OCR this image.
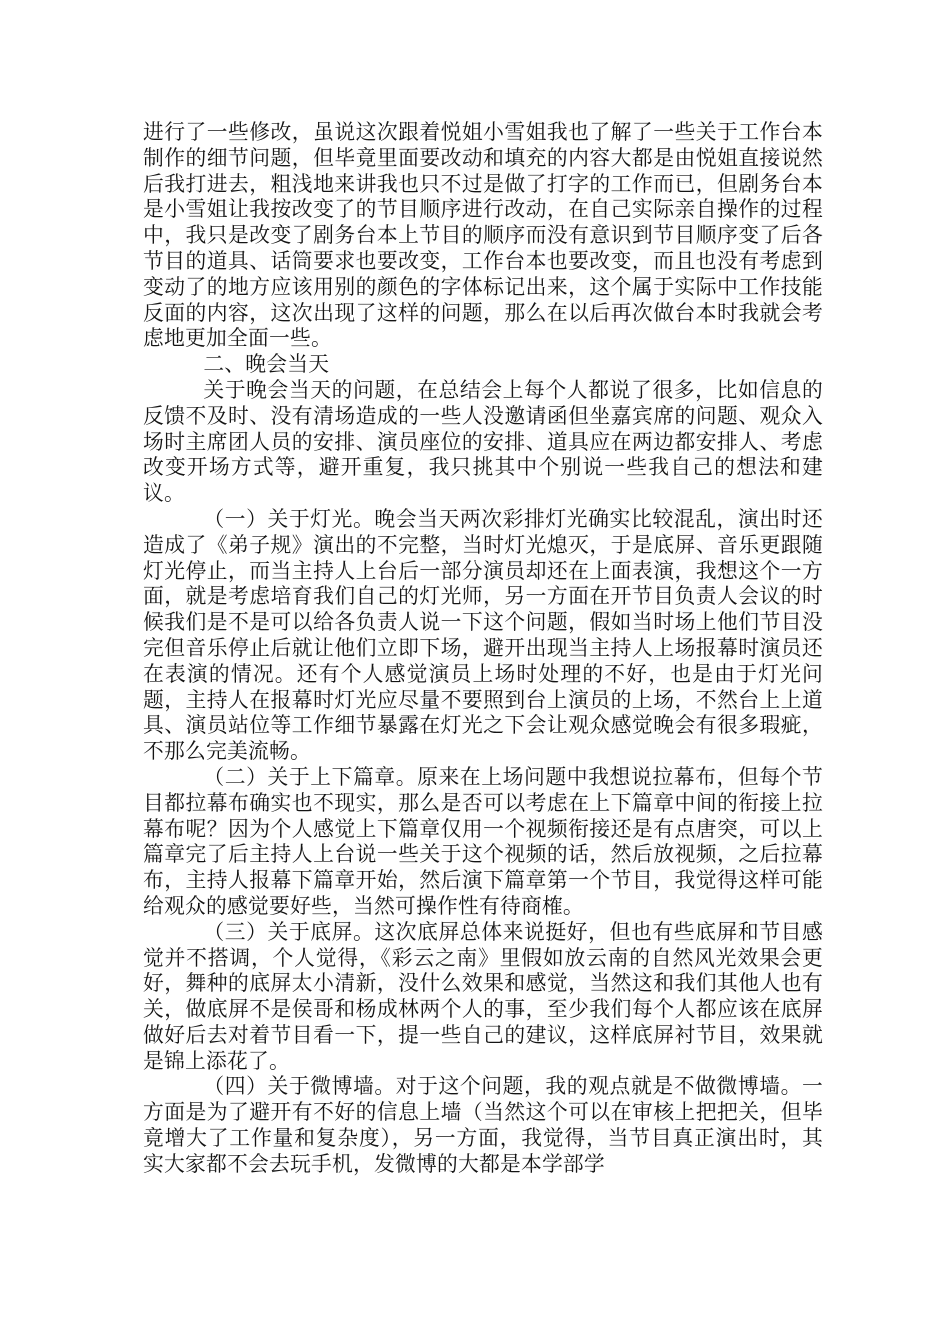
进行了一些修改，虽说这次跟着悦姐小雪姐我也了解了一些关于工作台本制作的细节问题，但毕竟里面要改动和填充的内容大都是由悦姐直接说然后我打进去，粗浅地来讲我也只不过是做了打字的工作而已，但剧务台本是小雪姐让我按改变了的节目顺序进行改动，在自己实际亲自操作的过程中，我只是改变了剧务台本上节目的顺序而没有意识到节目顺序变了后各节目的道具、话筒要求也要改变，工作台本也要改变，而且也没有考虑到变动了的地方应该用别的颜色的字体标记出来，这个属于实际中工作技能反面的内容，这次出现了这样的问题，那么在以后再次做台本时我就会考虑地更加全面一些。

二、晚会当天

关于晚会当天的问题，在总结会上每个人都说了很多，比如信息的反馈不及时、没有清场造成的一些人没邀请函但坐嘉宾席的问题、观众入场时主席团人员的安排、演员座位的安排、道具应在两边都安排人、考虑改变开场方式等，避开重复，我只挑其中个别说一些我自己的想法和建议。

（一）关于灯光。晚会当天两次彩排灯光确实比较混乱，演出时还造成了《弟子规》演出的不完整，当时灯光熄灭，于是底屏、音乐更跟随灯光停止，而当主持人上台后一部分演员却还在上面表演，我想这个一方面，就是考虑培育我们自己的灯光师，另一方面在开节目负责人会议的时候我们是不是可以给各负责人说一下这个问题，假如当时场上他们节目没完但音乐停止后就让他们立即下场，避开出现当主持人上场报幕时演员还在表演的情况。还有个人感觉演员上场时处理的不好，也是由于灯光问题，主持人在报幕时灯光应尽量不要照到台上演员的上场，不然台上上道具、演员站位等工作细节暴露在灯光之下会让观众感觉晚会有很多瑕疵，不那么完美流畅。

（二）关于上下篇章。原来在上场问题中我想说拉幕布，但每个节目都拉幕布确实也不现实，那么是否可以考虑在上下篇章中间的衔接上拉幕布呢？因为个人感觉上下篇章仅用一个视频衔接还是有点唐突，可以上篇章完了后主持人上台说一些关于这个视频的话，然后放视频，之后拉幕布，主持人报幕下篇章开始，然后演下篇章第一个节目，我觉得这样可能给观众的感觉要好些，当然可操作性有待商榷。

（三）关于底屏。这次底屏总体来说挺好，但也有些底屏和节目感觉并不搭调，个人觉得，《彩云之南》里假如放云南的自然风光效果会更好，舞种的底屏太小清新，没什么效果和感觉，当然这和我们其他人也有关，做底屏不是侯哥和杨成林两个人的事，至少我们每个人都应该在底屏做好后去对着节目看一下，提一些自己的建议，这样底屏衬节目，效果就是锦上添花了。

（四）关于微博墙。对于这个问题，我的观点就是不做微博墙。一方面是为了避开有不好的信息上墙（当然这个可以在审核上把把关，但毕竟增大了工作量和复杂度），另一方面，我觉得，当节目真正演出时，其实大家都不会去玩手机，发微博的大都是本学部学
